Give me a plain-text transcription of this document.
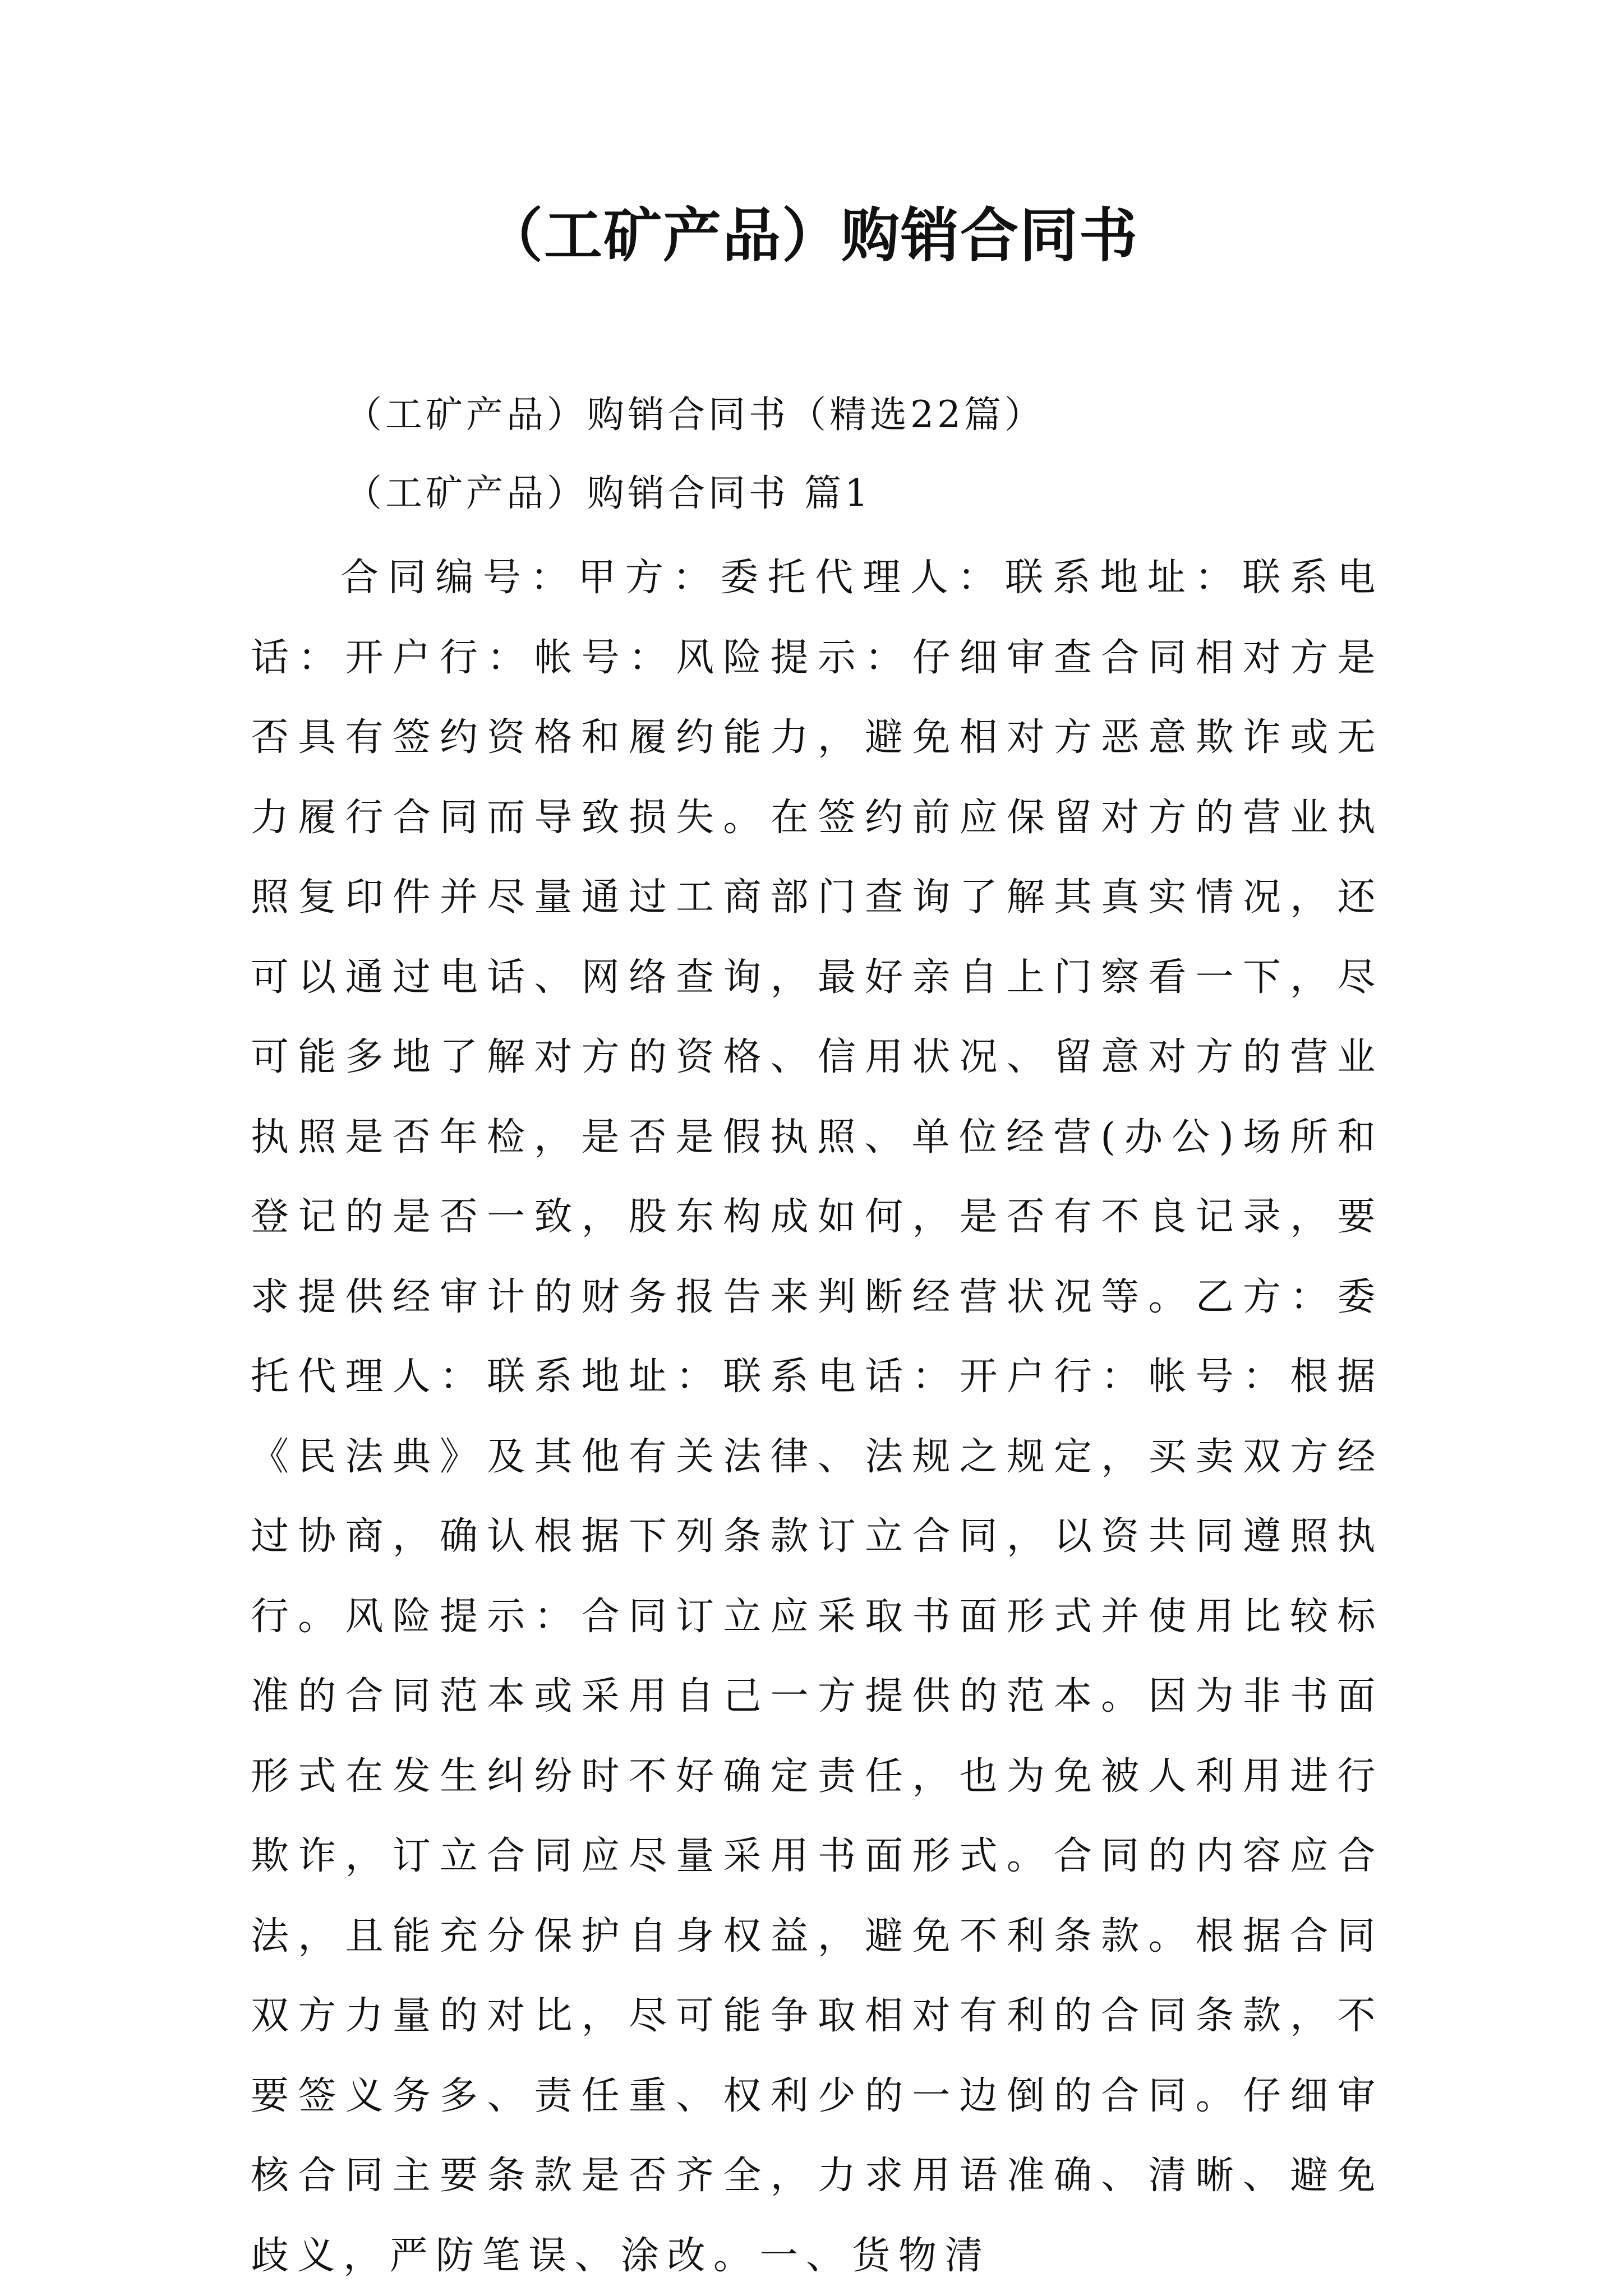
（工矿产品）购销合同书

（工矿产品）购销合同书（精选22篇）

（工矿产品）购销合同书 篇1

合同编号：甲方：委托代理人：联系地址：联系电话：开户行：帐号：风险提示：仔细审查合同相对方是否具有签约资格和履约能力，避免相对方恶意欺诈或无力履行合同而导致损失。在签约前应保留对方的营业执照复印件并尽量通过工商部门查询了解其真实情况，还可以通过电话、网络查询，最好亲自上门察看一下，尽可能多地了解对方的资格、信用状况、留意对方的营业执照是否年检，是否是假执照、单位经营(办公)场所和登记的是否一致，股东构成如何，是否有不良记录，要求提供经审计的财务报告来判断经营状况等。乙方：委托代理人：联系地址：联系电话：开户行：帐号：根据《民法典》及其他有关法律、法规之规定，买卖双方经过协商，确认根据下列条款订立合同，以资共同遵照执行。风险提示：合同订立应采取书面形式并使用比较标准的合同范本或采用自己一方提供的范本。因为非书面形式在发生纠纷时不好确定责任，也为免被人利用进行欺诈，订立合同应尽量采用书面形式。合同的内容应合法，且能充分保护自身权益，避免不利条款。根据合同双方力量的对比，尽可能争取相对有利的合同条款，不要签义务多、责任重、权利少的一边倒的合同。仔细审核合同主要条款是否齐全，力求用语准确、清晰、避免歧义，严防笔误、涂改。一、货物清
